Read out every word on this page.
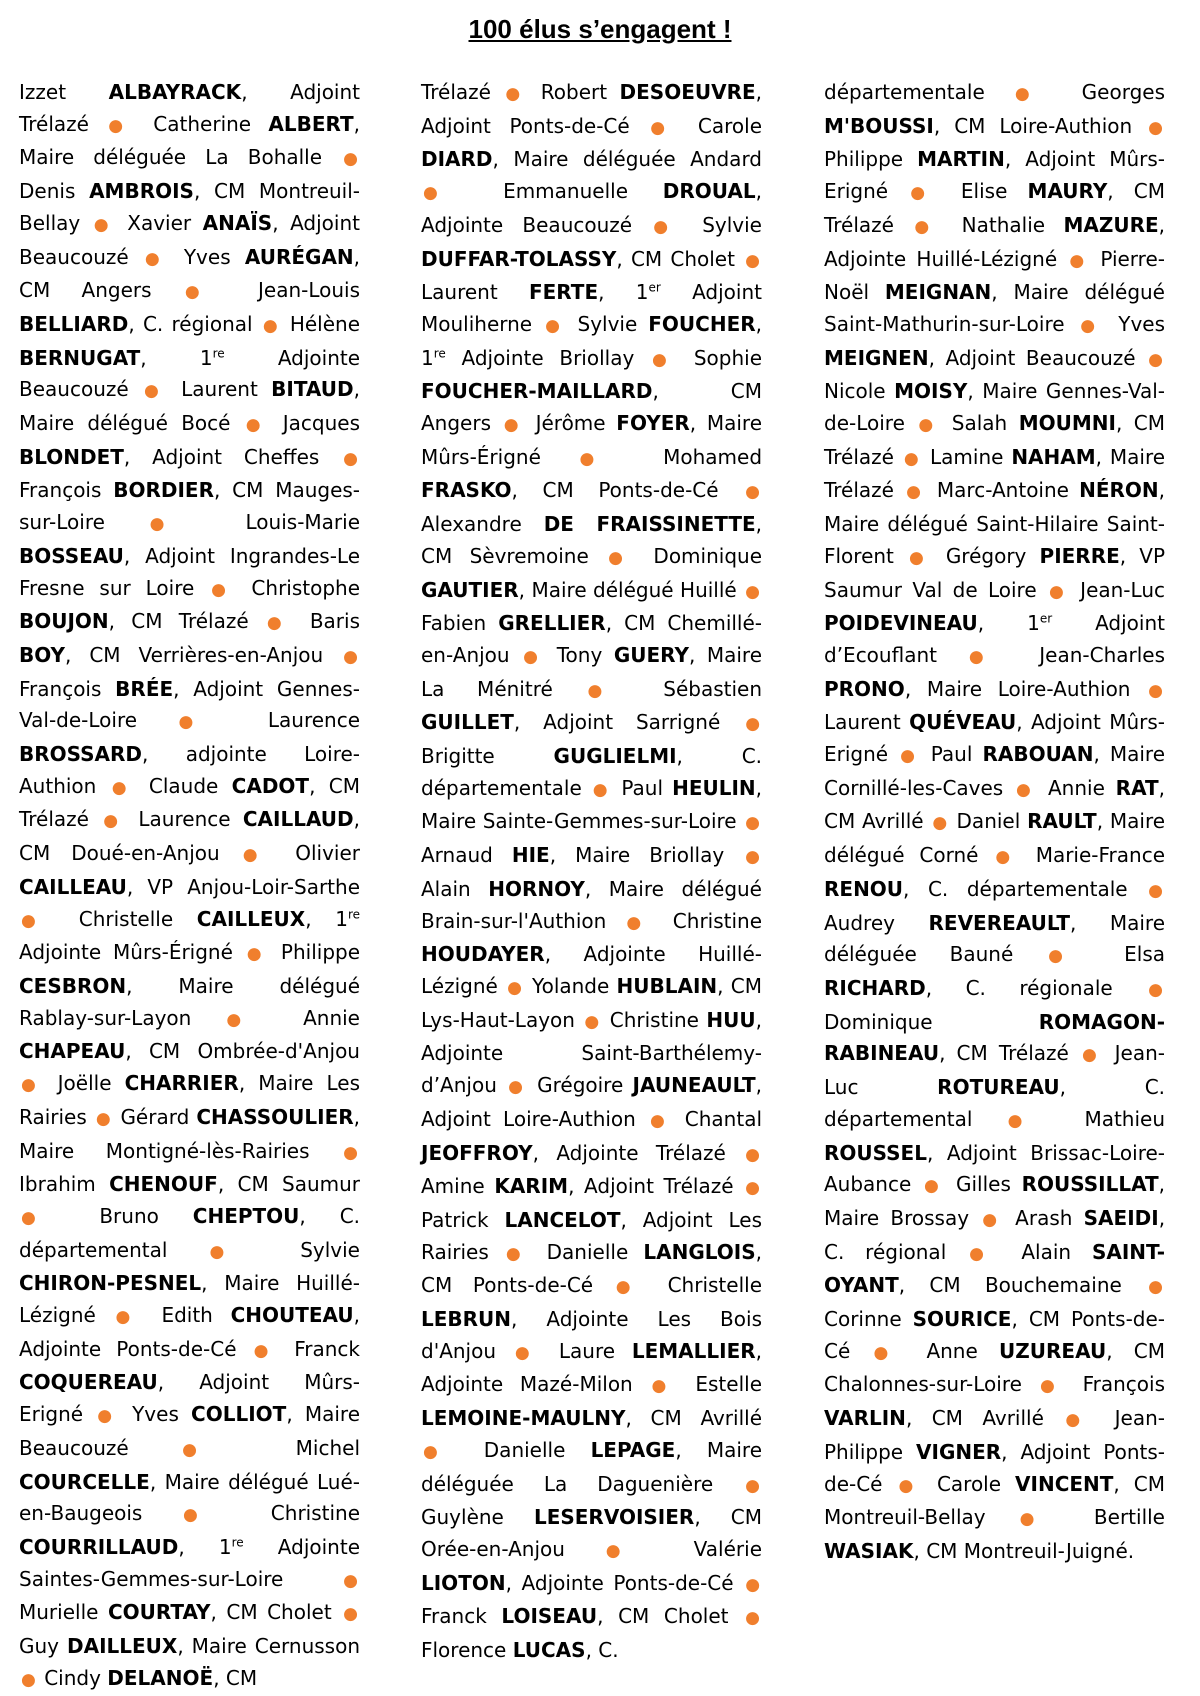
100 élus s’engagent !
Izzet ALBAYRACK, Adjoint Trélazé ● Catherine ALBERT, Maire déléguée La Bohalle ● Denis AMBROIS, CM Montreuil-Bellay ● Xavier ANAÏS, Adjoint Beaucouzé ● Yves AURÉGAN, CM Angers ● Jean-Louis BELLIARD, C. régional ● Hélène BERNUGAT, 1re	Adjointe Beaucouzé ● Laurent BITAUD, Maire délégué Bocé ● Jacques BLONDET, Adjoint Cheffes ● François BORDIER, CM Mauges-sur-Loire	● Louis-Marie BOSSEAU, Adjoint Ingrandes-Le Fresne sur Loire ● Christophe BOUJON, CM Trélazé ● Baris BOY, CM Verrières-en-Anjou ● François BRÉE, Adjoint Gennes-Val-de-Loire ● Laurence BROSSARD, adjointe Loire-Authion ● Claude CADOT, CM Trélazé ● Laurence CAILLAUD, CM Doué-en-Anjou ● Olivier CAILLEAU, VP Anjou-Loir-Sarthe ● Christelle CAILLEUX, 1re Adjointe Mûrs-Érigné ● Philippe CESBRON, Maire délégué Rablay-sur-Layon ● Annie CHAPEAU, CM Ombrée-d'Anjou ● Joëlle CHARRIER, Maire Les Rairies ● Gérard CHASSOULIER, Maire Montigné-lès-Rairies ● Ibrahim CHENOUF, CM Saumur ● Bruno CHEPTOU, C. départemental ● Sylvie CHIRON-PESNEL, Maire Huillé-Lézigné ● Edith CHOUTEAU, Adjointe Ponts-de-Cé ● Franck COQUEREAU, Adjoint Mûrs-Erigné ● Yves COLLIOT, Maire Beaucouzé	●	Michel COURCELLE, Maire délégué Lué-en-Baugeois ● Christine COURRILLAUD, 1re Adjointe Saintes-Gemmes-sur-Loire	● Murielle COURTAY, CM Cholet ● Guy DAILLEUX, Maire Cernusson ● Cindy DELANOË, CM
Trélazé ● Robert DESOEUVRE, Adjoint Ponts-de-Cé ● Carole DIARD, Maire déléguée Andard ● Emmanuelle DROUAL, Adjointe Beaucouzé ● Sylvie DUFFAR-TOLASSY, CM Cholet ● Laurent FERTE, 1er Adjoint Mouliherne ● Sylvie FOUCHER, 1re Adjointe Briollay ● Sophie FOUCHER-MAILLARD, CM Angers ● Jérôme FOYER, Maire Mûrs-Érigné ● Mohamed FRASKO, CM Ponts-de-Cé ● Alexandre DE FRAISSINETTE, CM Sèvremoine ● Dominique GAUTIER, Maire délégué Huillé ● Fabien GRELLIER, CM Chemillé-en-Anjou ● Tony GUERY, Maire La Ménitré ● Sébastien GUILLET, Adjoint Sarrigné ● Brigitte	GUGLIELMI, C. départementale ● Paul HEULIN, Maire Sainte-Gemmes-sur-Loire ● Arnaud HIE, Maire Briollay ● Alain HORNOY, Maire délégué Brain-sur-l'Authion ● Christine HOUDAYER, Adjointe Huillé-Lézigné ● Yolande HUBLAIN, CM Lys-Haut-Layon ● Christine HUU, Adjointe Saint-Barthélemy-d’Anjou ● Grégoire JAUNEAULT, Adjoint Loire-Authion ● Chantal JEOFFROY, Adjointe Trélazé ● Amine KARIM, Adjoint Trélazé ● Patrick LANCELOT, Adjoint Les Rairies ● Danielle LANGLOIS, CM Ponts-de-Cé ● Christelle LEBRUN, Adjointe Les Bois d'Anjou ● Laure LEMALLIER, Adjointe Mazé-Milon ● Estelle LEMOINE-MAULNY, CM Avrillé ● Danielle LEPAGE, Maire déléguée La Daguenière ● Guylène LESERVOISIER, CM Orée-en-Anjou ● Valérie LIOTON, Adjointe Ponts-de-Cé ● Franck LOISEAU, CM Cholet ● Florence LUCAS, C.
départementale ● Georges M'BOUSSI, CM Loire-Authion ● Philippe MARTIN, Adjoint Mûrs-Erigné ● Elise MAURY, CM Trélazé ● Nathalie MAZURE, Adjointe Huillé-Lézigné ● Pierre-Noël MEIGNAN, Maire délégué Saint-Mathurin-sur-Loire ● Yves MEIGNEN, Adjoint Beaucouzé ● Nicole MOISY, Maire Gennes-Val-de-Loire ● Salah MOUMNI, CM Trélazé ● Lamine NAHAM, Maire Trélazé ● Marc-Antoine NÉRON, Maire délégué Saint-Hilaire Saint-Florent ● Grégory PIERRE, VP Saumur Val de Loire ● Jean-Luc POIDEVINEAU, 1er Adjoint d’Ecouflant ● Jean-Charles PRONO, Maire Loire-Authion ● Laurent QUÉVEAU, Adjoint Mûrs-Erigné ● Paul RABOUAN, Maire Cornillé-les-Caves ● Annie RAT, CM Avrillé ● Daniel RAULT, Maire délégué Corné ● Marie-France RENOU, C. départementale ● Audrey REVEREAULT, Maire déléguée Bauné ● Elsa RICHARD, C. régionale ● Dominique	ROMAGON-RABINEAU, CM Trélazé ● Jean-Luc	ROTUREAU, C. départemental ● Mathieu ROUSSEL, Adjoint Brissac-Loire-Aubance ● Gilles ROUSSILLAT, Maire Brossay ● Arash SAEIDI, C. régional ● Alain SAINT-OYANT, CM Bouchemaine ● Corinne SOURICE, CM Ponts-de-Cé ● Anne UZUREAU, CM Chalonnes-sur-Loire ● François VARLIN, CM Avrillé ● Jean-Philippe VIGNER, Adjoint Ponts-de-Cé ● Carole VINCENT, CM Montreuil-Bellay ● Bertille WASIAK, CM Montreuil-Juigné.
